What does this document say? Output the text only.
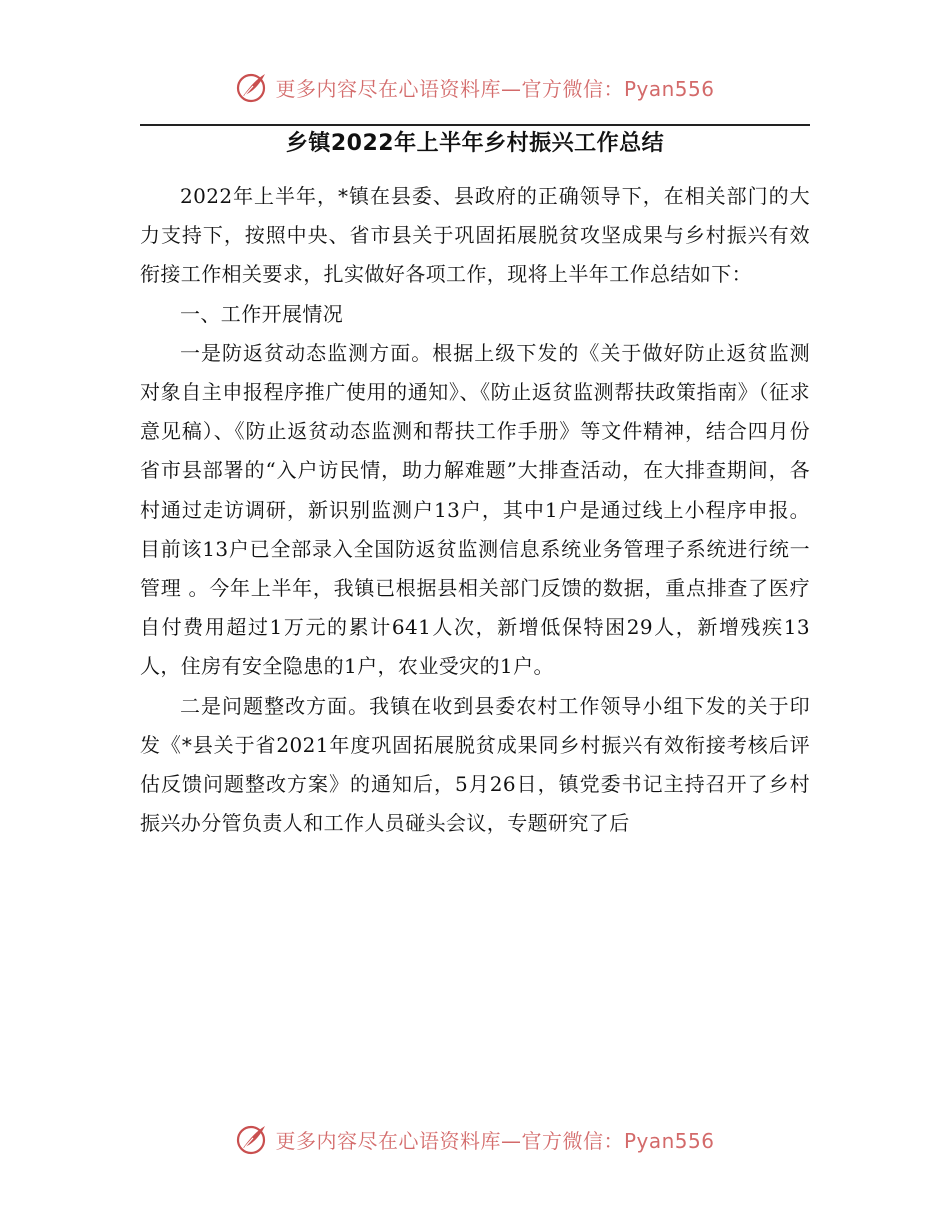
更多内容尽在心语资料库—官方微信：Pyan556
乡镇2022年上半年乡村振兴工作总结

2022年上半年，*镇在县委、县政府的正确领导下，在相关部门的大力支持下，按照中央、省市县关于巩固拓展脱贫攻坚成果与乡村振兴有效衔接工作相关要求，扎实做好各项工作，现将上半年工作总结如下：

一、工作开展情况

一是防返贫动态监测方面。根据上级下发的《关于做好防止返贫监测对象自主申报程序推广使用的通知》、《防止返贫监测帮扶政策指南》（征求意见稿）、《防止返贫动态监测和帮扶工作手册》等文件精神，结合四月份省市县部署的“入户访民情，助力解难题”大排查活动，在大排查期间，各村通过走访调研，新识别监测户13户，其中1户是通过线上小程序申报。目前该13户已全部录入全国防返贫监测信息系统业务管理子系统进行统一管理 。今年上半年，我镇已根据县相关部门反馈的数据，重点排查了医疗自付费用超过1万元的累计641人次，新增低保特困29人，新增残疾13人，住房有安全隐患的1户，农业受灾的1户。

二是问题整改方面。我镇在收到县委农村工作领导小组下发的关于印发《*县关于省2021年度巩固拓展脱贫成果同乡村振兴有效衔接考核后评估反馈问题整改方案》的通知后，5月26日，镇党委书记主持召开了乡村振兴办分管负责人和工作人员碰头会议，专题研究了后

更多内容尽在心语资料库—官方微信：Pyan556
